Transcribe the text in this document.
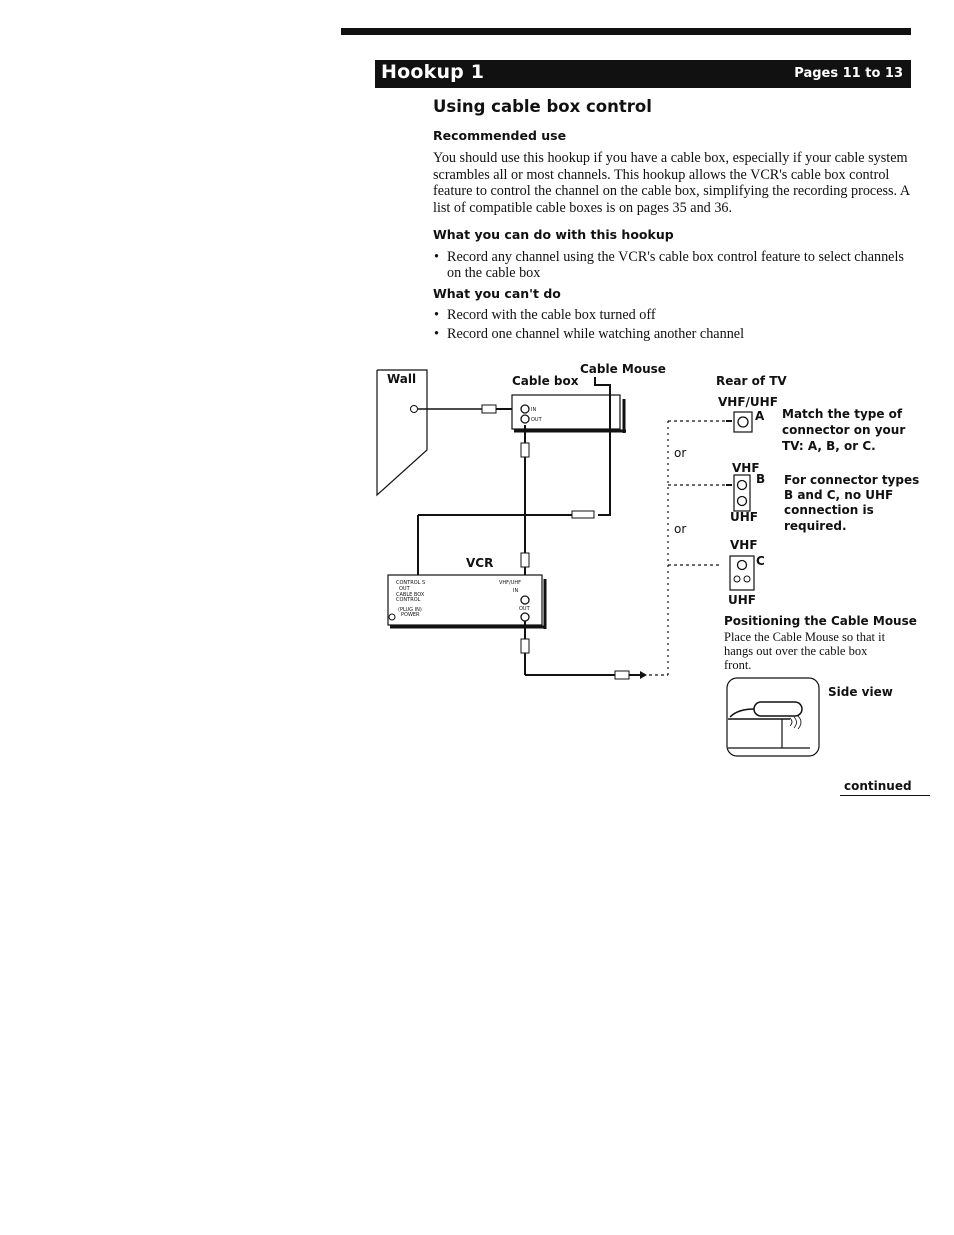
Hookup 1	Pages 11 to 13
Using cable box control
Recommended use
You should use this hookup if you have a cable box, especially if your cable system scrambles all or most channels. This hookup allows the VCR's cable box control feature to control the channel on the cable box, simplifying the recording process. A list of compatible cable boxes is on pages 35 and 36.
What you can do with this hookup
• Record any channel using the VCR's cable box control feature to select channels on the cable box
What you can't do
• Record with the cable box turned off
• Record one channel while watching another channel
Wall	Cable box
IN
OUT
Cable Mouse
VCR
CONTROL S
OUT
CABLE BOX
CONTROL
(PLUG IN)
POWER
VHF/UHF
IN
OUT
or
or
Rear of TV
VHF/UHF
A
VHF
B
UHF
VHF
C
UHF
Match the type of
connector on your
TV: A, B, or C.
For connector types
B and C, no UHF
connection is
required.
Positioning the Cable Mouse
Place the Cable Mouse so that it
hangs out over the cable box
front.
Side view
continued
